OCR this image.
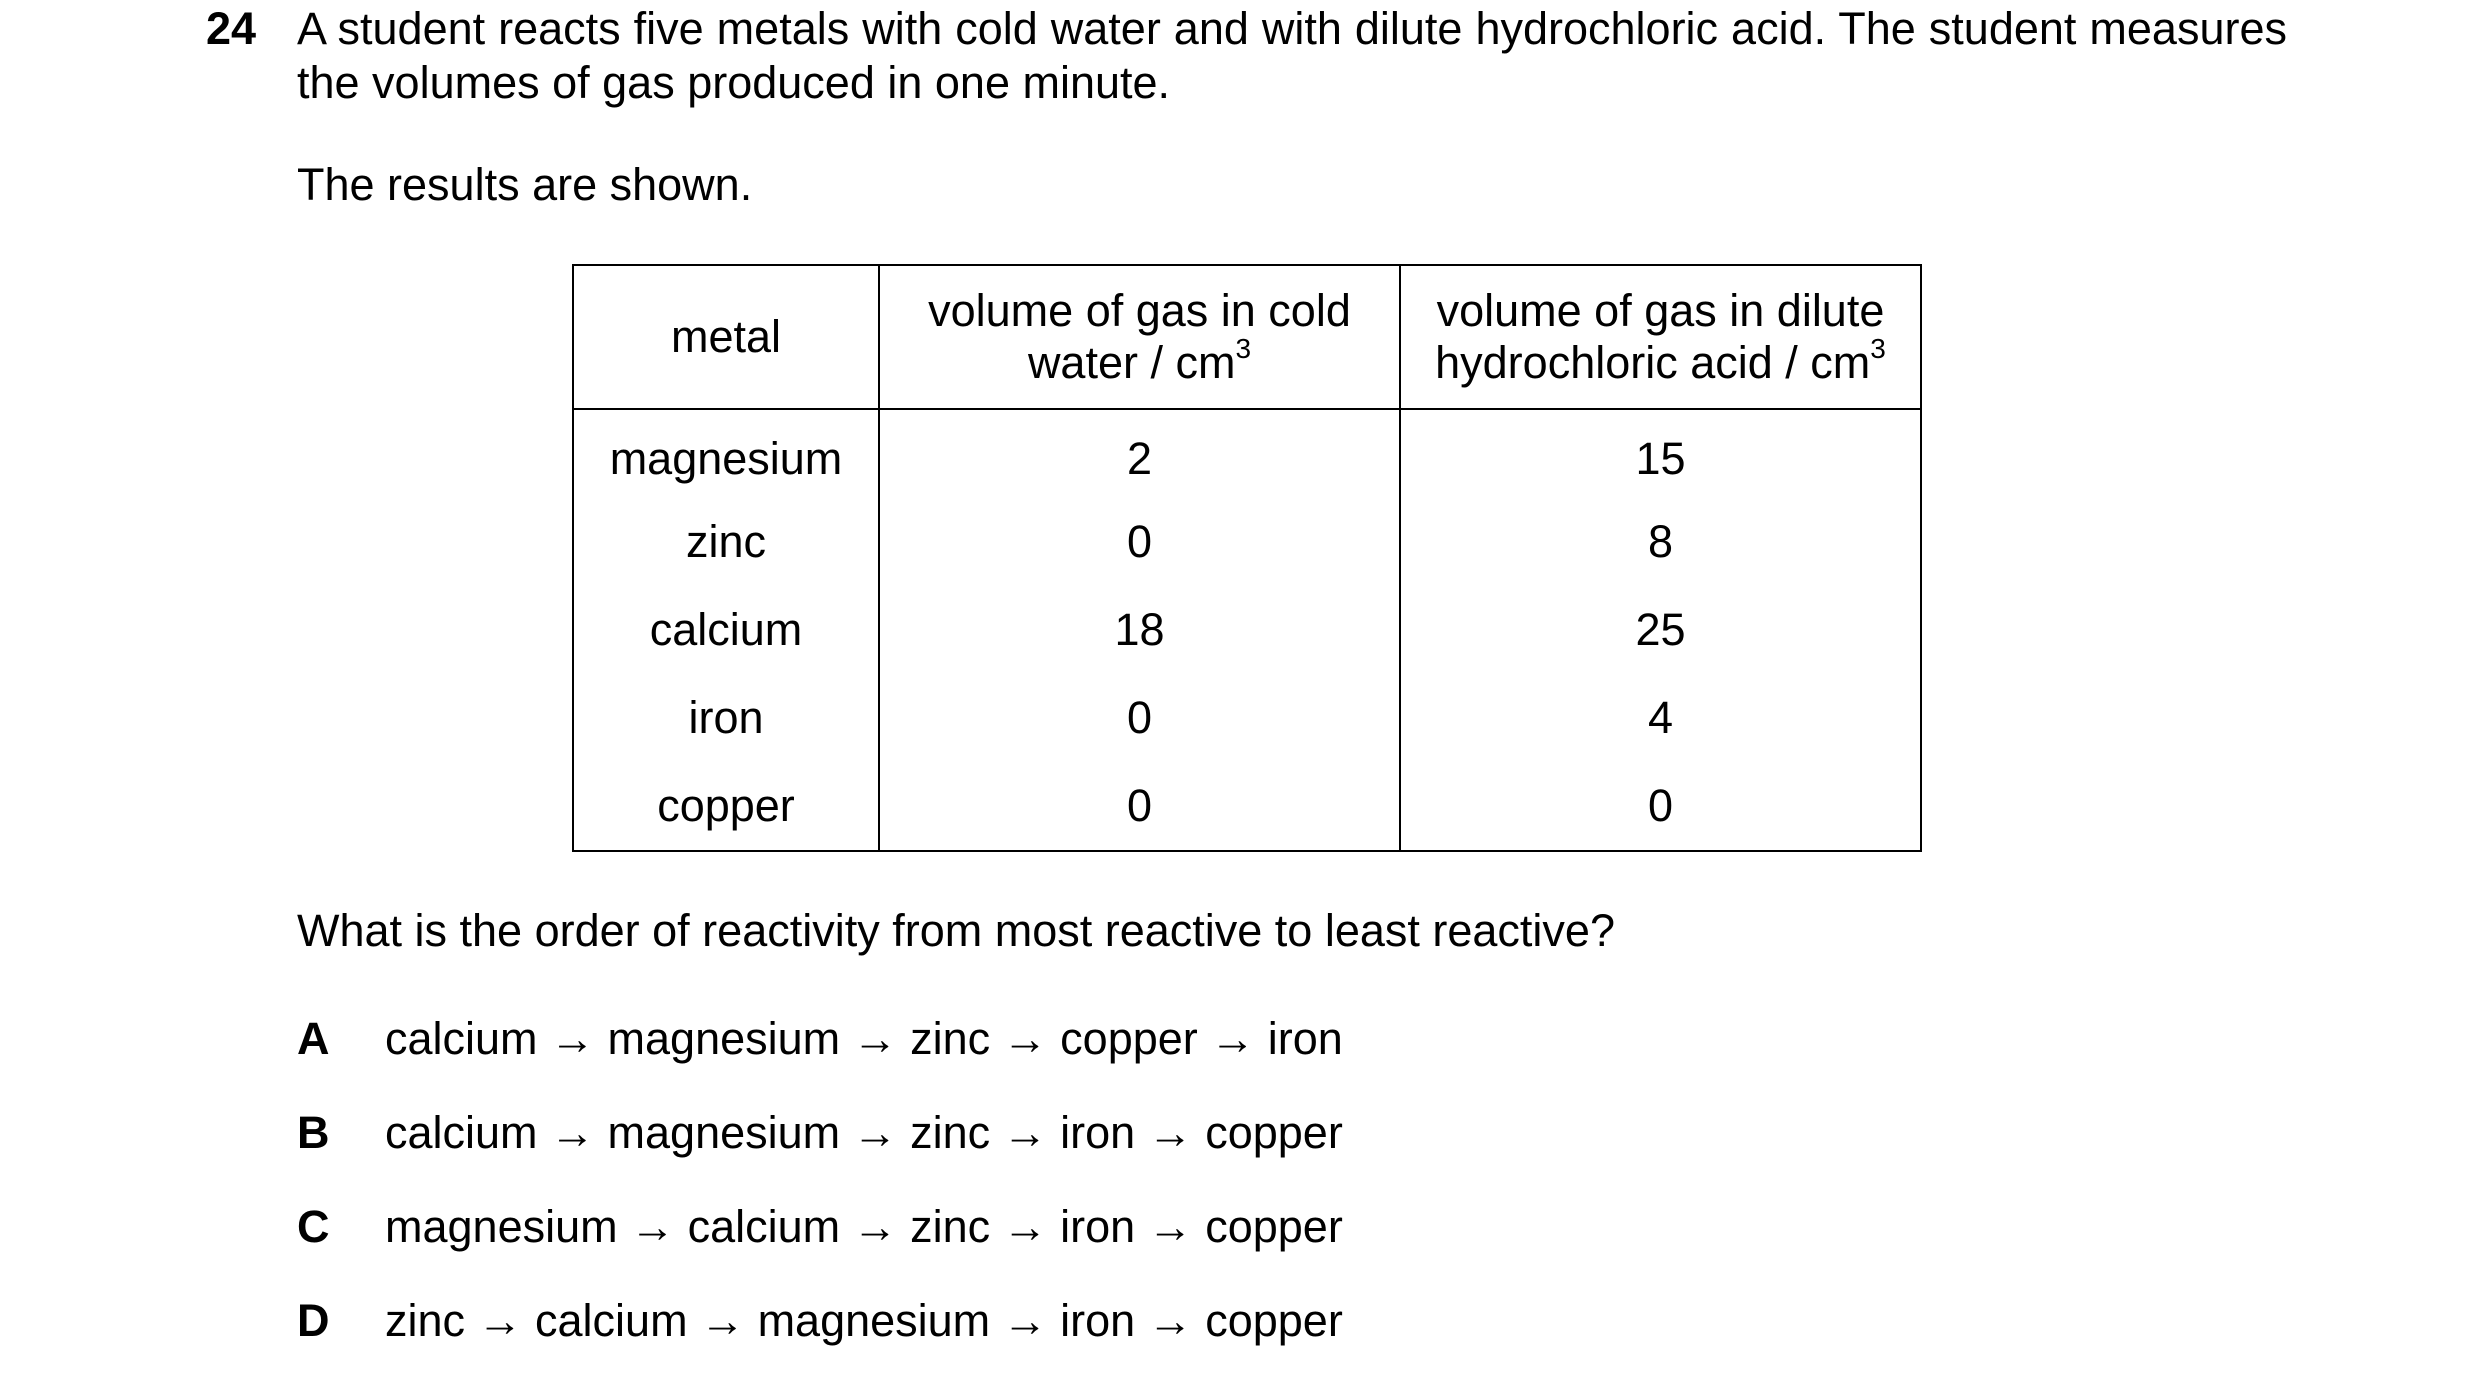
24 A student reacts five metals with cold water and with dilute hydrochloric acid. The student measures the volumes of gas produced in one minute.
The results are shown.
metal	volume of gas in cold water / $cm^3$	volume of gas in dilute hydrochloric acid / $cm^3$
magnesium	2	15
zinc	0	8
calcium	18	25
iron	0	4
copper	0	0
What is the order of reactivity from most reactive to least reactive?
A calcium → magnesium → zinc → copper → iron
B calcium → magnesium → zinc → iron → copper
C magnesium → calcium → zinc → iron → copper
D zinc → calcium → magnesium → iron → copper
